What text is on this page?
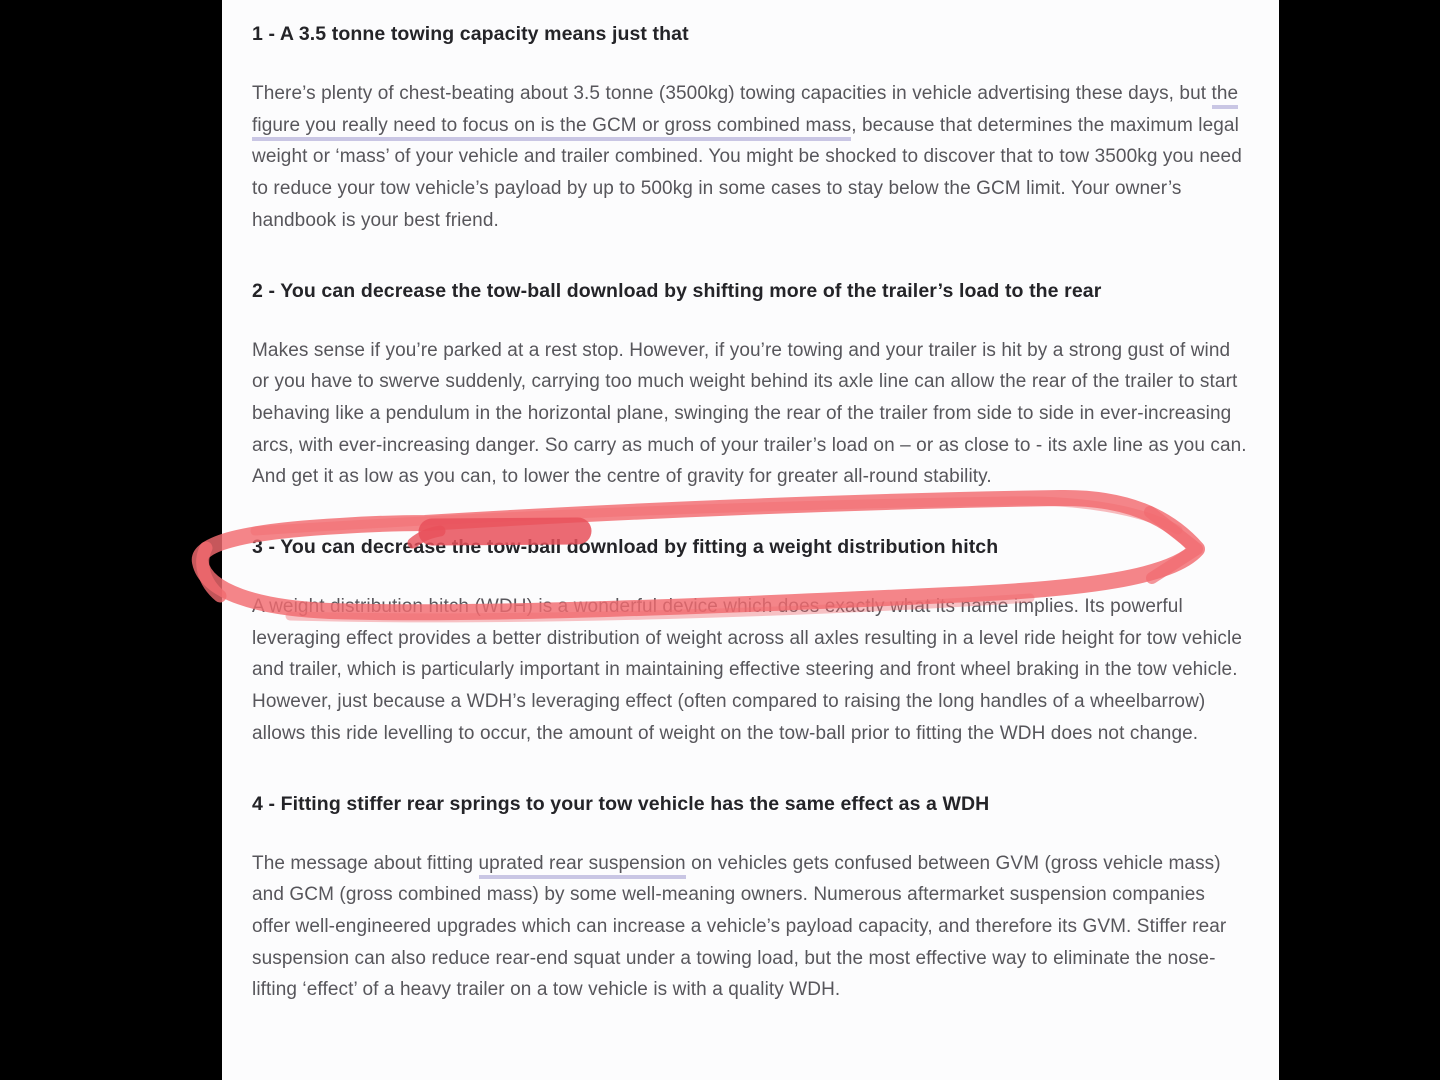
1 - A 3.5 tonne towing capacity means just that

There’s plenty of chest-beating about 3.5 tonne (3500kg) towing capacities in vehicle advertising these days, but the figure you really need to focus on is the GCM or gross combined mass, because that determines the maximum legal weight or ‘mass’ of your vehicle and trailer combined. You might be shocked to discover that to tow 3500kg you need to reduce your tow vehicle’s payload by up to 500kg in some cases to stay below the GCM limit. Your owner’s handbook is your best friend.

2 - You can decrease the tow-ball download by shifting more of the trailer’s load to the rear

Makes sense if you’re parked at a rest stop. However, if you’re towing and your trailer is hit by a strong gust of wind or you have to swerve suddenly, carrying too much weight behind its axle line can allow the rear of the trailer to start behaving like a pendulum in the horizontal plane, swinging the rear of the trailer from side to side in ever-increasing arcs, with ever-increasing danger. So carry as much of your trailer’s load on – or as close to - its axle line as you can. And get it as low as you can, to lower the centre of gravity for greater all-round stability.

3 - You can decrease the tow-ball download by fitting a weight distribution hitch

A weight distribution hitch (WDH) is a wonderful device which does exactly what its name implies. Its powerful leveraging effect provides a better distribution of weight across all axles resulting in a level ride height for tow vehicle and trailer, which is particularly important in maintaining effective steering and front wheel braking in the tow vehicle. However, just because a WDH’s leveraging effect (often compared to raising the long handles of a wheelbarrow) allows this ride levelling to occur, the amount of weight on the tow-ball prior to fitting the WDH does not change.

4 - Fitting stiffer rear springs to your tow vehicle has the same effect as a WDH

The message about fitting uprated rear suspension on vehicles gets confused between GVM (gross vehicle mass) and GCM (gross combined mass) by some well-meaning owners. Numerous aftermarket suspension companies offer well-engineered upgrades which can increase a vehicle’s payload capacity, and therefore its GVM. Stiffer rear suspension can also reduce rear-end squat under a towing load, but the most effective way to eliminate the nose-lifting ‘effect’ of a heavy trailer on a tow vehicle is with a quality WDH.
